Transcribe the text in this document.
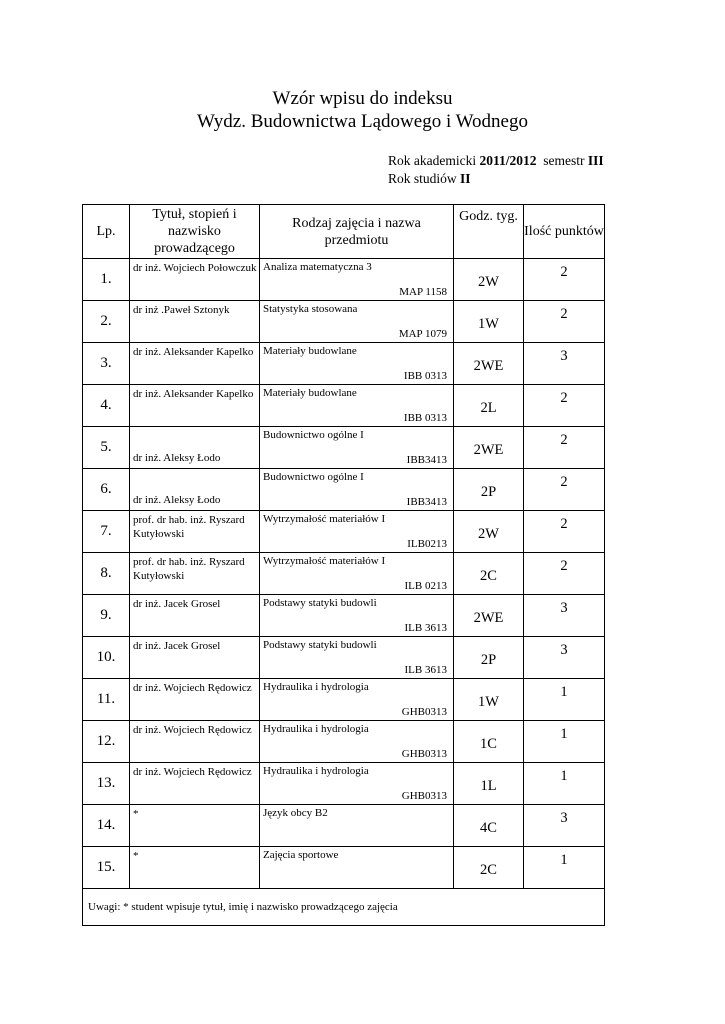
Wzór wpisu do indeksu
Wydz. Budownictwa Lądowego i Wodnego
Rok akademicki 2011/2012  semestr III
Rok studiów II
Lp.	Tytuł, stopień i nazwisko prowadzącego	Rodzaj zajęcia i nazwa przedmiotu	Godz. tyg.	Ilość punktów
1.	dr inż. Wojciech Połowczuk	Analiza matematyczna 3
MAP 1158	2W	2
2.	dr inż .Paweł Sztonyk	Statystyka stosowana
MAP 1079	1W	2
3.	dr inż. Aleksander Kapelko	Materiały budowlane
IBB 0313	2WE	3
4.	dr inż. Aleksander Kapelko	Materiały budowlane
IBB 0313	2L	2
5.	dr inż. Aleksy Łodo	Budownictwo ogólne I
IBB3413	2WE	2
6.	dr inż. Aleksy Łodo	Budownictwo ogólne I
IBB3413	2P	2
7.	prof. dr hab. inż. Ryszard Kutyłowski	Wytrzymałość materiałów I
ILB0213	2W	2
8.	prof. dr hab. inż. Ryszard Kutyłowski	Wytrzymałość materiałów I
ILB 0213	2C	2
9.	dr inż. Jacek Grosel	Podstawy statyki budowli
ILB 3613	2WE	3
10.	dr inż. Jacek Grosel	Podstawy statyki budowli
ILB 3613	2P	3
11.	dr inż. Wojciech Rędowicz	Hydraulika i hydrologia
GHB0313	1W	1
12.	dr inż. Wojciech Rędowicz	Hydraulika i hydrologia
GHB0313	1C	1
13.	dr inż. Wojciech Rędowicz	Hydraulika i hydrologia
GHB0313	1L	1
14.	*	Język obcy B2	4C	3
15.	*	Zajęcia sportowe	2C	1
Uwagi: * student wpisuje tytuł, imię i nazwisko prowadzącego zajęcia				
